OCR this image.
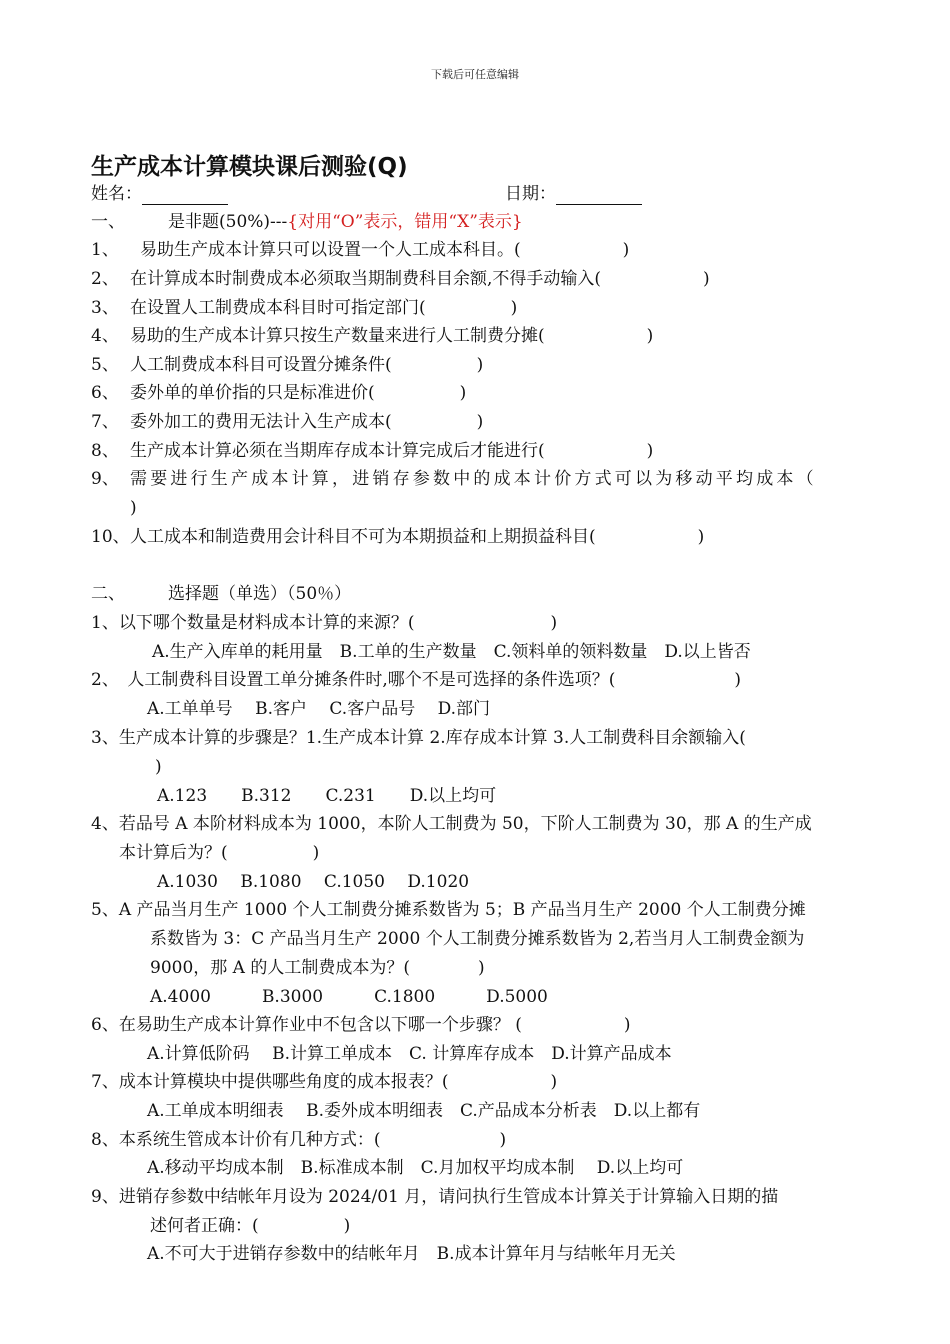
下载后可任意编辑
生产成本计算模块课后测验(Q)
姓名：	日期：
一、	是非题(50%)---{对用“O”表示，错用“X”表示}
1、 易助生产成本计算只可以设置一个人工成本科目。(　　　　　　)
2、 在计算成本时制费成本必须取当期制费科目余额,不得手动输入(　　　　　　)
3、 在设置人工制费成本科目时可指定部门(　　　　　)
4、 易助的生产成本计算只按生产数量来进行人工制费分摊(　　　　　　)
5、 人工制费成本科目可设置分摊条件(　　　　　)
6、 委外单的单价指的只是标准进价(　　　　　)
7、 委外加工的费用无法计入生产成本(　　　　　)
8、 生产成本计算必须在当期库存成本计算完成后才能进行(　　　　　　)
9、 需要进行生产成本计算，进销存参数中的成本计价方式可以为移动平均成本（
)
10、 人工成本和制造费用会计科目不可为本期损益和上期损益科目(　　　　　　)
二、	选择题（单选）（50％）
1、以下哪个数量是材料成本计算的来源？(　　　　　　　　)
A.生产入库单的耗用量　B.工单的生产数量　C.领料单的领料数量　D.以上皆否
2、　人工制费科目设置工单分摊条件时,哪个不是可选择的条件选项？(　　　　　　　)
A.工单单号　 B.客户　 C.客户品号　 D.部门
3、生产成本计算的步骤是？1.生产成本计算 2.库存成本计算 3.人工制费科目余额输入(
)
A.123　　B.312　　C.231　　D.以上均可
4、若品号 A 本阶材料成本为 1000，本阶人工制费为 50，下阶人工制费为 30，那 A 的生产成
本计算后为？(　　　　　)
A.1030　 B.1080　 C.1050　 D.1020
5、A 产品当月生产 1000 个人工制费分摊系数皆为 5；B 产品当月生产 2000 个人工制费分摊
系数皆为 3：C 产品当月生产 2000 个人工制费分摊系数皆为 2,若当月人工制费金额为
9000，那 A 的人工制费成本为？(　　　　)
A.4000　　　B.3000　　　C.1800　　　D.5000
6、在易助生产成本计算作业中不包含以下哪一个步骤？ (　　　　　　)
A.计算低阶码　 B.计算工单成本　C. 计算库存成本　D.计算产品成本
7、成本计算模块中提供哪些角度的成本报表？(　　　　　　)
A.工单成本明细表　 B.委外成本明细表　C.产品成本分析表　D.以上都有
8、本系统生管成本计价有几种方式：(　　　　　　　)
A.移动平均成本制　B.标准成本制　C.月加权平均成本制　 D.以上均可
9、进销存参数中结帐年月设为 2024/01 月，请问执行生管成本计算关于计算输入日期的描
述何者正确：(　　　　　)
A.不可大于进销存参数中的结帐年月　B.成本计算年月与结帐年月无关
